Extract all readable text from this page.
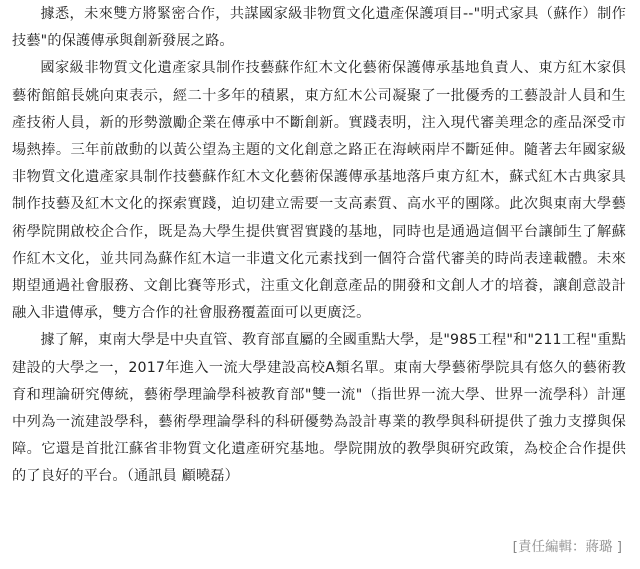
據悉，未來雙方將緊密合作，共謀國家級非物質文化遺產保護項目--"明式家具（蘇作）制作技藝"的保護傳承與創新發展之路。

國家級非物質文化遺產家具制作技藝蘇作紅木文化藝術保護傳承基地負責人、東方紅木家俱藝術館館長姚向東表示，經二十多年的積累，東方紅木公司凝聚了一批優秀的工藝設計人員和生產技術人員，新的形勢激勵企業在傳承中不斷創新。實踐表明，注入現代審美理念的產品深受市場熱捧。三年前啟動的以黃公望為主題的文化創意之路正在海峽兩岸不斷延伸。隨著去年國家級非物質文化遺產家具制作技藝蘇作紅木文化藝術保護傳承基地落戶東方紅木，蘇式紅木古典家具制作技藝及紅木文化的探索實踐，迫切建立需要一支高素質、高水平的團隊。此次與東南大學藝術學院開啟校企合作，既是為大學生提供實習實踐的基地，同時也是通過這個平台讓師生了解蘇作紅木文化，並共同為蘇作紅木這一非遺文化元素找到一個符合當代審美的時尚表達載體。未來期望通過社會服務、文創比賽等形式，注重文化創意產品的開發和文創人才的培養，讓創意設計融入非遺傳承，雙方合作的社會服務覆蓋面可以更廣泛。

據了解，東南大學是中央直管、教育部直屬的全國重點大學，是"985工程"和"211工程"重點建設的大學之一，2017年進入一流大學建設高校A類名單。東南大學藝術學院具有悠久的藝術教育和理論研究傳統，藝術學理論學科被教育部"雙一流"（指世界一流大學、世界一流學科）計運中列為一流建設學科，藝術學理論學科的科研優勢為設計專業的教學與科研提供了強力支撐與保障。它還是首批江蘇省非物質文化遺產研究基地。學院開放的教學與研究政策，為校企合作提供的了良好的平台。（通訊員 顧曉磊）

[責任編輯：蔣璐 ]
